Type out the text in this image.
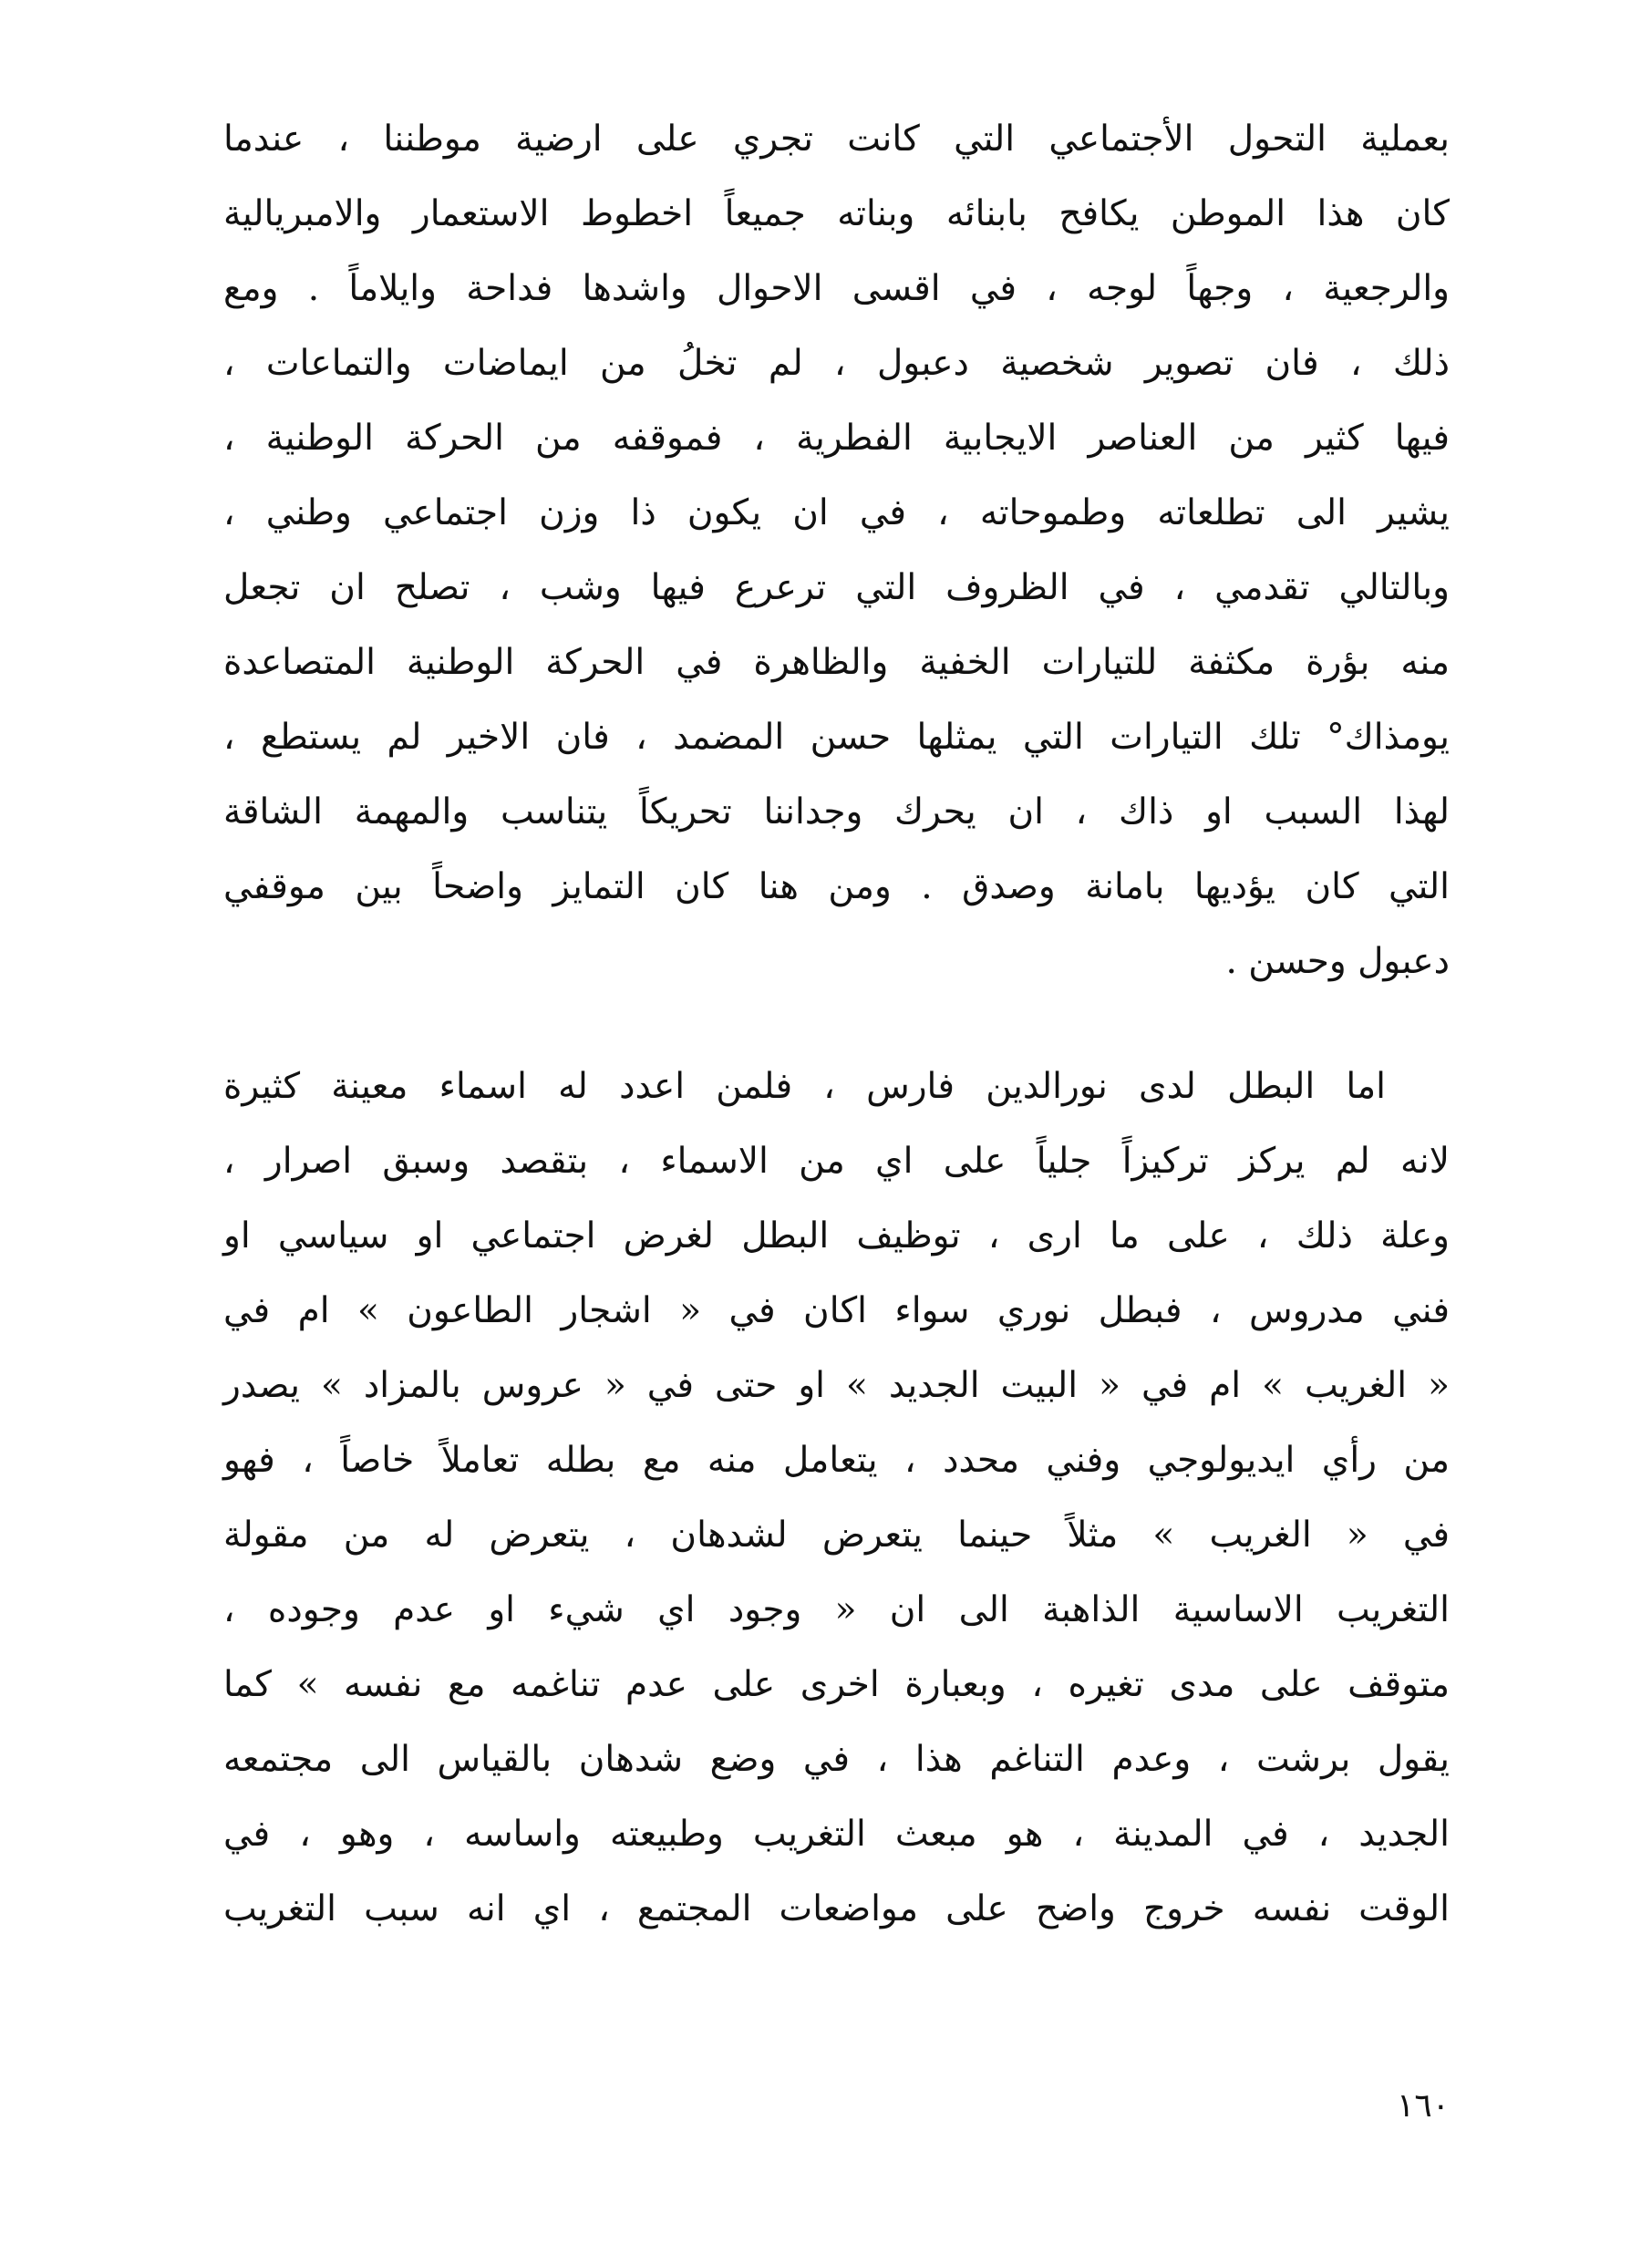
بعملية التحول الأجتماعي التي كانت تجري على ارضية موطننا ، عندما
كان هذا الموطن يكافح بابنائه وبناته جميعاً اخطوط الاستعمار والامبريالية
والرجعية ، وجهاً لوجه ، في اقسى الاحوال واشدها فداحة وايلاماً . ومع
ذلك ، فان تصوير شخصية دعبول ، لم تخلُ من ايماضات والتماعات ،
فيها كثير من العناصر الايجابية الفطرية ، فموقفه من الحركة الوطنية ،
يشير الى تطلعاته وطموحاته ، في ان يكون ذا وزن اجتماعي وطني ،
وبالتالي تقدمي ، في الظروف التي ترعرع فيها وشب ، تصلح ان تجعل
منه بؤرة مكثفة للتيارات الخفية والظاهرة في الحركة الوطنية المتصاعدة
يومذاك° تلك التيارات التي يمثلها حسن المضمد ، فان الاخير لم يستطع ،
لهذا السبب او ذاك ، ان يحرك وجداننا تحريكاً يتناسب والمهمة الشاقة
التي كان يؤديها بامانة وصدق . ومن هنا كان التمايز واضحاً بين موقفي
دعبول وحسن .
اما البطل لدى نورالدين فارس ، فلمن اعدد له اسماء معينة كثيرة
لانه لم يركز تركيزاً جلياً على اي من الاسماء ، بتقصد وسبق اصرار ،
وعلة ذلك ، على ما ارى ، توظيف البطل لغرض اجتماعي او سياسي او
فني مدروس ، فبطل نوري سواء اكان في « اشجار الطاعون » ام في
« الغريب » ام في « البيت الجديد » او حتى في « عروس بالمزاد » يصدر
من رأي ايديولوجي وفني محدد ، يتعامل منه مع بطله تعاملاً خاصاً ، فهو
في « الغريب » مثلاً حينما يتعرض لشدهان ، يتعرض له من مقولة
التغريب الاساسية الذاهبة الى ان « وجود اي شيء او عدم وجوده ،
متوقف على مدى تغيره ، وبعبارة اخرى على عدم تناغمه مع نفسه » كما
يقول برشت ، وعدم التناغم هذا ، في وضع شدهان بالقياس الى مجتمعه
الجديد ، في المدينة ، هو مبعث التغريب وطبيعته واساسه ، وهو ، في
الوقت نفسه خروج واضح على مواضعات المجتمع ، اي انه سبب التغريب
١٦٠
